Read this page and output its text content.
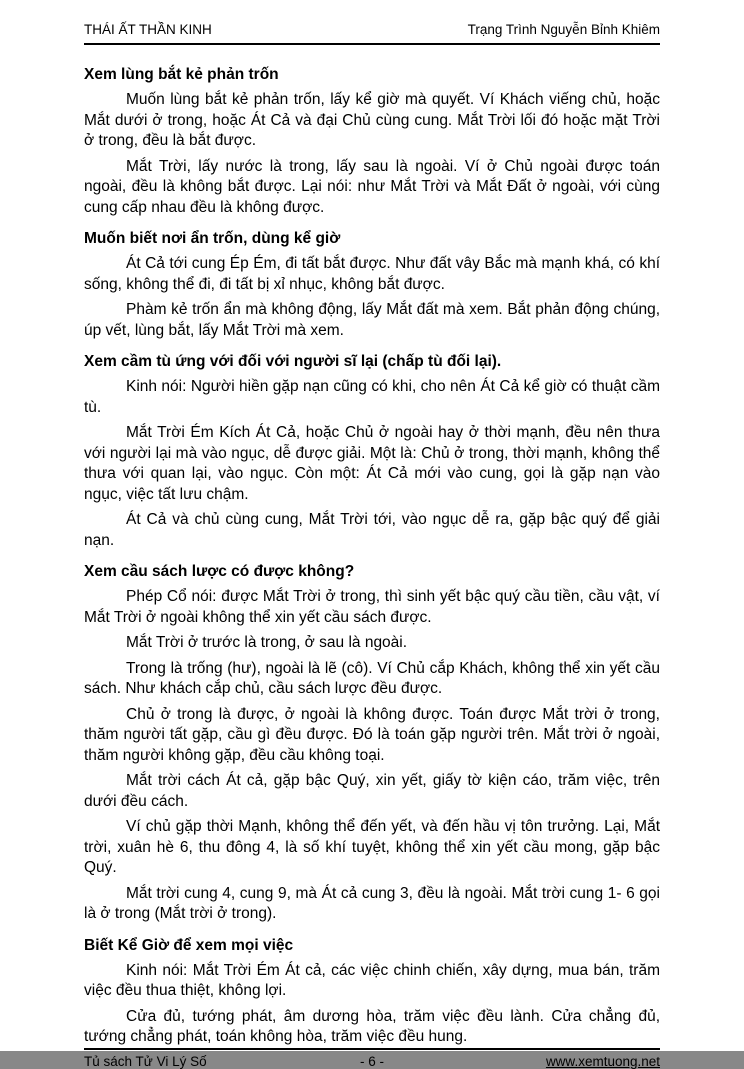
THÁI ẤT THẦN KINH	Trạng Trình Nguyễn Bỉnh Khiêm
Xem lùng bắt kẻ phản trốn
Muốn lùng bắt kẻ phản trốn, lấy kể giờ mà quyết. Ví Khách viếng chủ, hoặc Mắt dưới ở trong, hoặc Át Cả và đại Chủ cùng cung. Mắt Trời lối đó hoặc mặt Trời ở trong, đều là bắt được.
Mắt Trời, lấy nước là trong, lấy sau là ngoài. Ví ở Chủ ngoài được toán ngoài, đều là không bắt được. Lại nói: như Mắt Trời và Mắt Đất ở ngoài, với cùng cung cấp nhau đều là không được.
Muốn biết nơi ẩn trốn, dùng kể giờ
Át Cả tới cung Ép Ém, đi tất bắt được. Như đất vây Bắc mà mạnh khá, có khí sống, không thể đi, đi tất bị xỉ nhục, không bắt được.
Phàm kẻ trốn ẩn mà không động, lấy Mắt đất mà xem. Bắt phản động chúng, úp vết, lùng bắt, lấy Mắt Trời mà xem.
Xem cầm tù ứng với đối với người sĩ lại (chấp tù đối lại).
Kinh nói: Người hiền gặp nạn cũng có khi, cho nên Át Cả kể giờ có thuật cầm tù.
Mắt Trời Ém Kích Át Cả, hoặc Chủ ở ngoài hay ở thời mạnh, đều nên thưa với người lại mà vào ngục, dễ được giải. Một là: Chủ ở trong, thời mạnh, không thể thưa với quan lại, vào ngục. Còn một: Át Cả mới vào cung, gọi là gặp nạn vào ngục, việc tất lưu chậm.
Át Cả và chủ cùng cung, Mắt Trời tới, vào ngục dễ ra, gặp bậc quý để giải nạn.
Xem cầu sách lược có được không?
Phép Cổ nói: được Mắt Trời ở trong, thì sinh yết bậc quý cầu tiền, cầu vật, ví Mắt Trời ở ngoài không thể xin yết cầu sách được.
Mắt Trời ở trước là trong, ở sau là ngoài.
Trong là trống (hư), ngoài là lẽ (cô). Ví Chủ cắp Khách, không thể xin yết cầu sách. Như khách cắp chủ, cầu sách lược đều được.
Chủ ở trong là được, ở ngoài là không được. Toán được Mắt trời ở trong, thăm người tất gặp, cầu gì đều được. Đó là toán gặp người trên. Mắt trời ở ngoài, thăm người không gặp, đều cầu không toại.
Mắt trời cách Át cả, gặp bậc Quý, xin yết, giấy tờ kiện cáo, trăm việc, trên dưới đều cách.
Ví chủ gặp thời Mạnh, không thể đến yết, và đến hầu vị tôn trưởng. Lại, Mắt trời, xuân hè 6, thu đông 4, là số khí tuyệt, không thể xin yết cầu mong, gặp bậc Quý.
Mắt trời cung 4, cung 9, mà Át cả cung 3, đều là ngoài. Mắt trời cung 1- 6 gọi là ở trong (Mắt trời ở trong).
Biết Kể Giờ để xem mọi việc
Kinh nói: Mắt Trời Ém Át cả, các việc chinh chiến, xây dựng, mua bán, trăm việc đều thua thiệt, không lợi.
Cửa đủ, tướng phát, âm dương hòa, trăm việc đều lành. Cửa chẳng đủ, tướng chẳng phát, toán không hòa, trăm việc đều hung.
Tủ sách Tử Vi Lý Số	- 6 -	www.xemtuong.net
